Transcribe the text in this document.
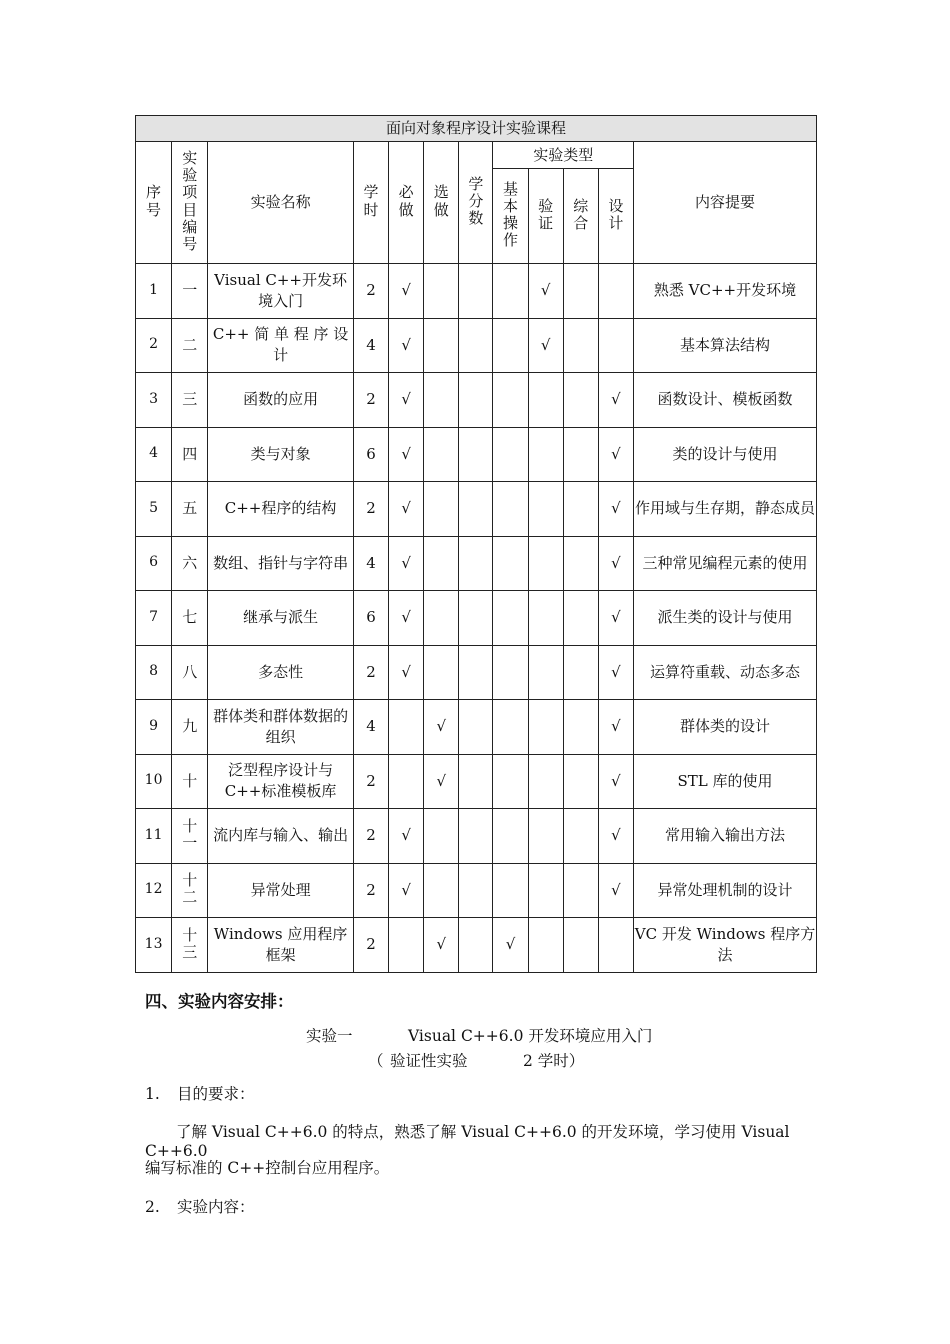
面向对象程序设计实验课程											
序号	实验项目编号	实验名称	学时	必做	选做	学分数	实验类型				内容提要
							基本操作	验证	综合	设计	
1	一	Visual C++开发环境入门	2	√				√			熟悉 VC++开发环境
2	二	C++ 简 单 程 序 设 计	4	√				√			基本算法结构
3	三	函数的应用	2	√						√	函数设计、模板函数
4	四	类与对象	6	√						√	类的设计与使用
5	五	C++程序的结构	2	√						√	作用域与生存期，静态成员
6	六	数组、指针与字符串	4	√						√	三种常见编程元素的使用
7	七	继承与派生	6	√						√	派生类的设计与使用
8	八	多态性	2	√						√	运算符重载、动态多态
9	九	群体类和群体数据的组织	4		√					√	群体类的设计
10	十	泛型程序设计与 C++标准模板库	2		√					√	STL 库的使用
11	十一	流内库与输入、输出	2	√						√	常用输入输出方法
12	十二	异常处理	2	√						√	异常处理机制的设计
13	十三	Windows 应用程序框架	2		√		√				VC 开发 Windows 程序方法
四、实验内容安排：
实验一	Visual C++6.0 开发环境应用入门
（ 验证性实验	2 学时）
1. 目的要求：
了解 Visual C++6.0 的特点，熟悉了解 Visual C++6.0 的开发环境，学习使用 Visual C++6.0
编写标准的 C++控制台应用程序。
2. 实验内容：
